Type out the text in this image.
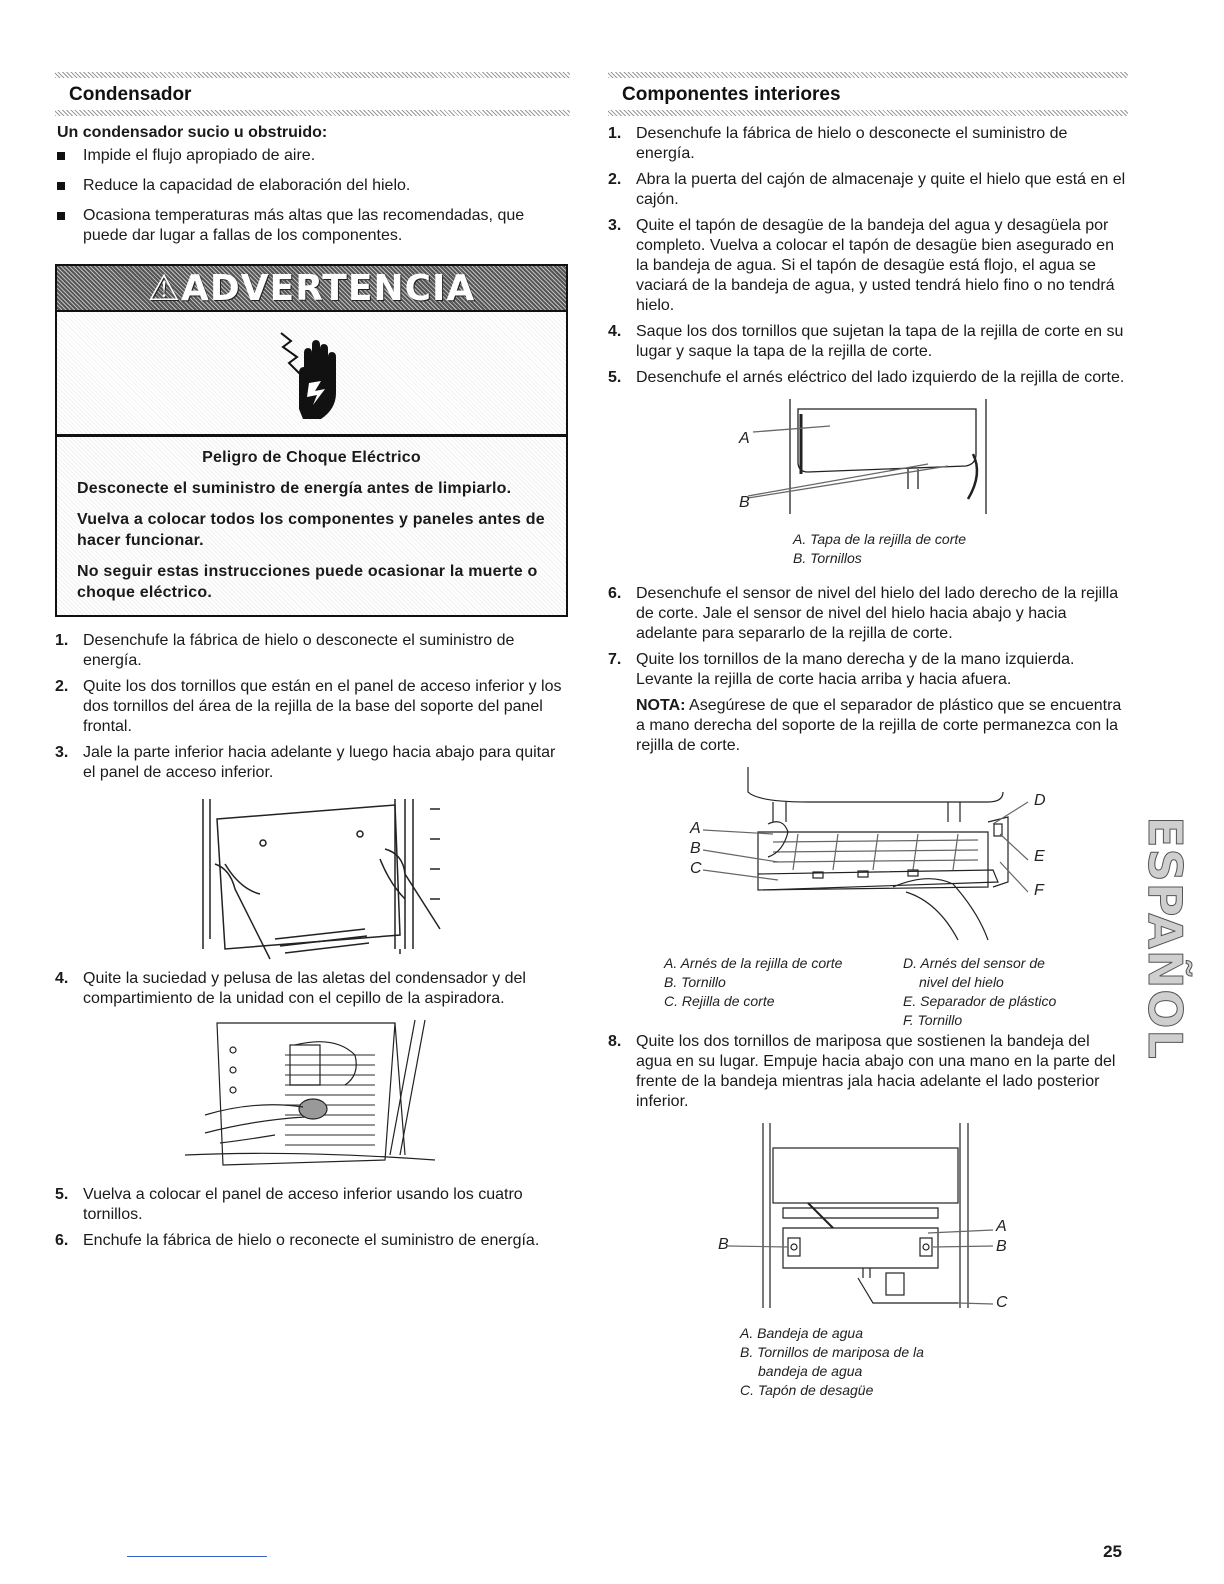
Condensador
Un condensador sucio u obstruido:
Impide el flujo apropiado de aire.
Reduce la capacidad de elaboración del hielo.
Ocasiona temperaturas más altas que las recomendadas, que puede dar lugar a fallas de los componentes.
⚠ADVERTENCIA

Peligro de Choque Eléctrico

Desconecte el suministro de energía antes de limpiarlo.

Vuelva a colocar todos los componentes y paneles antes de hacer funcionar.

No seguir estas instrucciones puede ocasionar la muerte o choque eléctrico.

1. Desenchufe la fábrica de hielo o desconecte el suministro de energía.
2. Quite los dos tornillos que están en el panel de acceso inferior y los dos tornillos del área de la rejilla de la base del soporte del panel frontal.
3. Jale la parte inferior hacia adelante y luego hacia abajo para quitar el panel de acceso inferior.
4. Quite la suciedad y pelusa de las aletas del condensador y del compartimiento de la unidad con el cepillo de la aspiradora.
5. Vuelva a colocar el panel de acceso inferior usando los cuatro tornillos.
6. Enchufe la fábrica de hielo o reconecte el suministro de energía.
Componentes interiores
1. Desenchufe la fábrica de hielo o desconecte el suministro de energía.
2. Abra la puerta del cajón de almacenaje y quite el hielo que está en el cajón.
3. Quite el tapón de desagüe de la bandeja del agua y desagüela por completo. Vuelva a colocar el tapón de desagüe bien asegurado en la bandeja de agua. Si el tapón de desagüe está flojo, el agua se vaciará de la bandeja de agua, y usted tendrá hielo fino o no tendrá hielo.
4. Saque los dos tornillos que sujetan la tapa de la rejilla de corte en su lugar y saque la tapa de la rejilla de corte.
5. Desenchufe el arnés eléctrico del lado izquierdo de la rejilla de corte.
A
B
A. Tapa de la rejilla de corte
B. Tornillos
6. Desenchufe el sensor de nivel del hielo del lado derecho de la rejilla de corte. Jale el sensor de nivel del hielo hacia abajo y hacia adelante para separarlo de la rejilla de corte.
7. Quite los tornillos de la mano derecha y de la mano izquierda. Levante la rejilla de corte hacia arriba y hacia afuera.
NOTA: Asegúrese de que el separador de plástico que se encuentra a mano derecha del soporte de la rejilla de corte permanezca con la rejilla de corte.
A
B
C
D
E
F
A. Arnés de la rejilla de corte
B. Tornillo
C. Rejilla de corte
D. Arnés del sensor de
nivel del hielo
E. Separador de plástico
F. Tornillo
8. Quite los dos tornillos de mariposa que sostienen la bandeja del agua en su lugar. Empuje hacia abajo con una mano en la parte del frente de la bandeja mientras jala hacia adelante el lado posterior inferior.
B
A
B
C
A. Bandeja de agua
B. Tornillos de mariposa de la
bandeja de agua
C. Tapón de desagüe
ESPAÑOL
25
